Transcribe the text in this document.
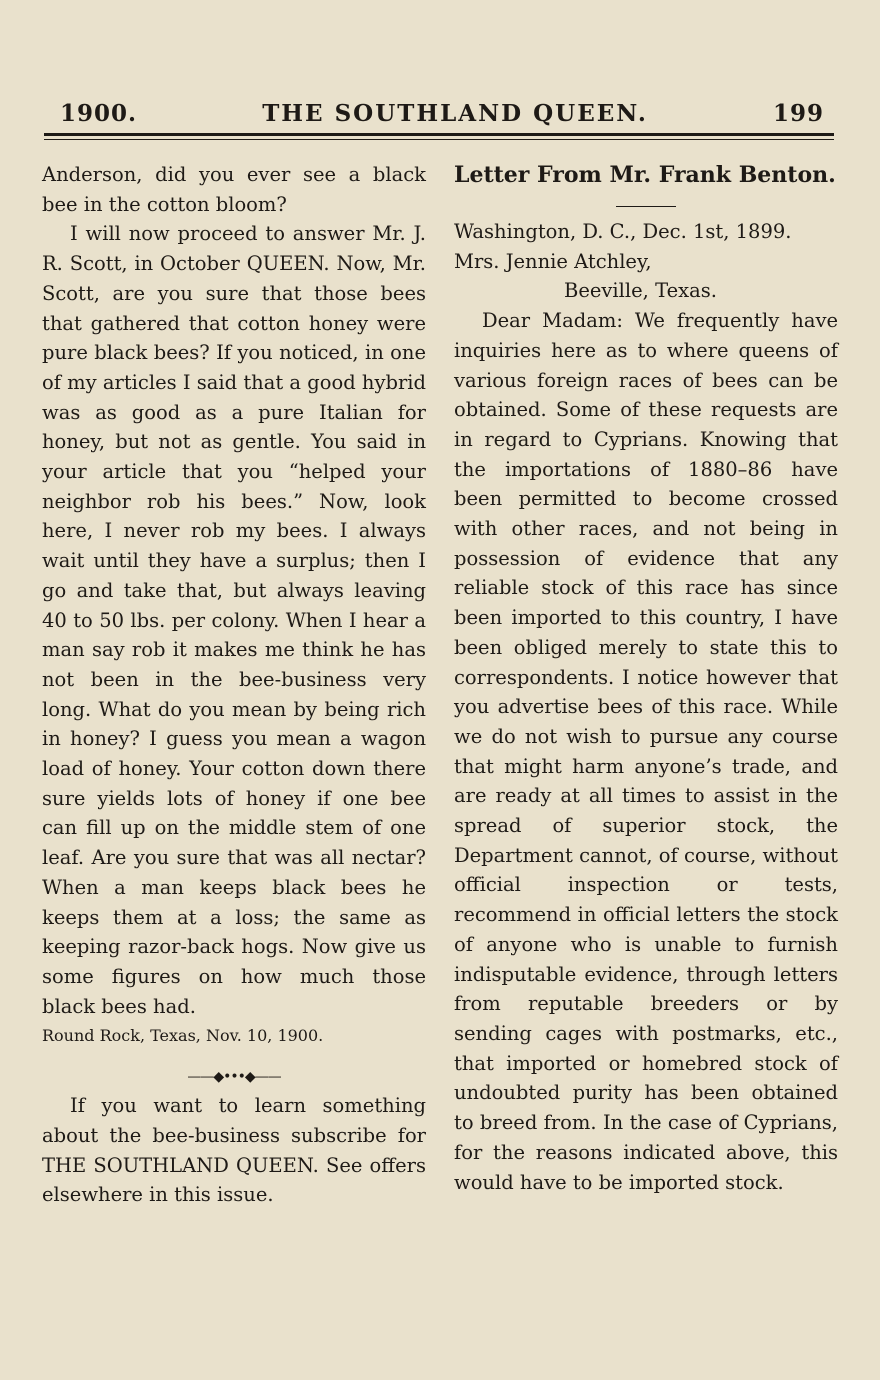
1900.	THE SOUTHLAND QUEEN.	199

Anderson, did you ever see a black bee in the cotton bloom?

I will now proceed to answer Mr. J. R. Scott, in October QUEEN. Now, Mr. Scott, are you sure that those bees that gathered that cotton honey were pure black bees? If you noticed, in one of my articles I said that a good hybrid was as good as a pure Italian for honey, but not as gentle. You said in your article that you “helped your neighbor rob his bees.” Now, look here, I never rob my bees. I always wait until they have a surplus; then I go and take that, but always leaving 40 to 50 lbs. per colony. When I hear a man say rob it makes me think he has not been in the bee-business very long. What do you mean by being rich in honey? I guess you mean a wagon load of honey. Your cotton down there sure yields lots of honey if one bee can fill up on the middle stem of one leaf. Are you sure that was all nectar? When a man keeps black bees he keeps them at a loss; the same as keeping razor-back hogs. Now give us some figures on how much those black bees had.

Round Rock, Texas, Nov. 10, 1900.

——◆•••◆——

If you want to learn something about the bee-business subscribe for THE SOUTHLAND QUEEN. See offers elsewhere in this issue.

Letter From Mr. Frank Benton.

Washington, D. C., Dec. 1st, 1899.

Mrs. Jennie Atchley,

Beeville, Texas.

Dear Madam: We frequently have inquiries here as to where queens of various foreign races of bees can be obtained. Some of these requests are in regard to Cyprians. Knowing that the importations of 1880–86 have been permitted to become crossed with other races, and not being in possession of evidence that any reliable stock of this race has since been imported to this country, I have been obliged merely to state this to correspondents. I notice however that you advertise bees of this race. While we do not wish to pursue any course that might harm anyone’s trade, and are ready at all times to assist in the spread of superior stock, the Department cannot, of course, without official inspection or tests, recommend in official letters the stock of anyone who is unable to furnish indisputable evidence, through letters from reputable breeders or by sending cages with postmarks, etc., that imported or homebred stock of undoubted purity has been obtained to breed from. In the case of Cyprians, for the reasons indicated above, this would have to be imported stock.
